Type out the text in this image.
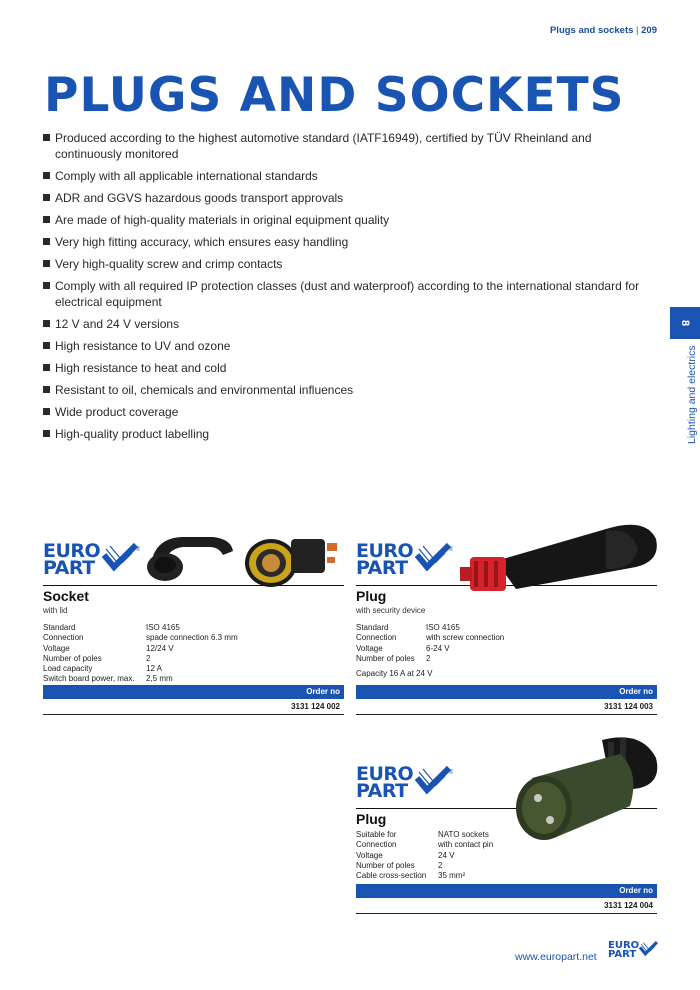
Plugs and sockets | 209
PLUGS AND SOCKETS
Produced according to the highest automotive standard (IATF16949), certified by TÜV Rheinland and continuously monitored
Comply with all applicable international standards
ADR and GGVS hazardous goods transport approvals
Are made of high-quality materials in original equipment quality
Very high fitting accuracy, which ensures easy handling
Very high-quality screw and crimp contacts
Comply with all required IP protection classes (dust and waterproof) according to the international standard for electrical equipment
12 V and 24 V versions
High resistance to UV and ozone
High resistance to heat and cold
Resistant to oil, chemicals and environmental influences
Wide product coverage
High-quality product labelling
8
Lighting and electrics
EURO
PART
®
Socket
with lid
Standard	ISO 4165
Connection	spade connection 6.3 mm
Voltage	12/24 V
Number of poles	2
Load capacity	12 A
Switch board power, max.	2,5 mm
Order no
3131 124 002
EURO
PART
®
Plug
with security device
Standard	ISO 4165
Connection	with screw connection
Voltage	6-24 V
Number of poles	2
Capacity 16 A at 24 V
Order no
3131 124 003
EURO
PART
®
Plug
Suitable for	NATO sockets
Connection	with contact pin
Voltage	24 V
Number of poles	2
Cable cross-section	35 mm²
Order no
3131 124 004
www.europart.net
EURO
PART
